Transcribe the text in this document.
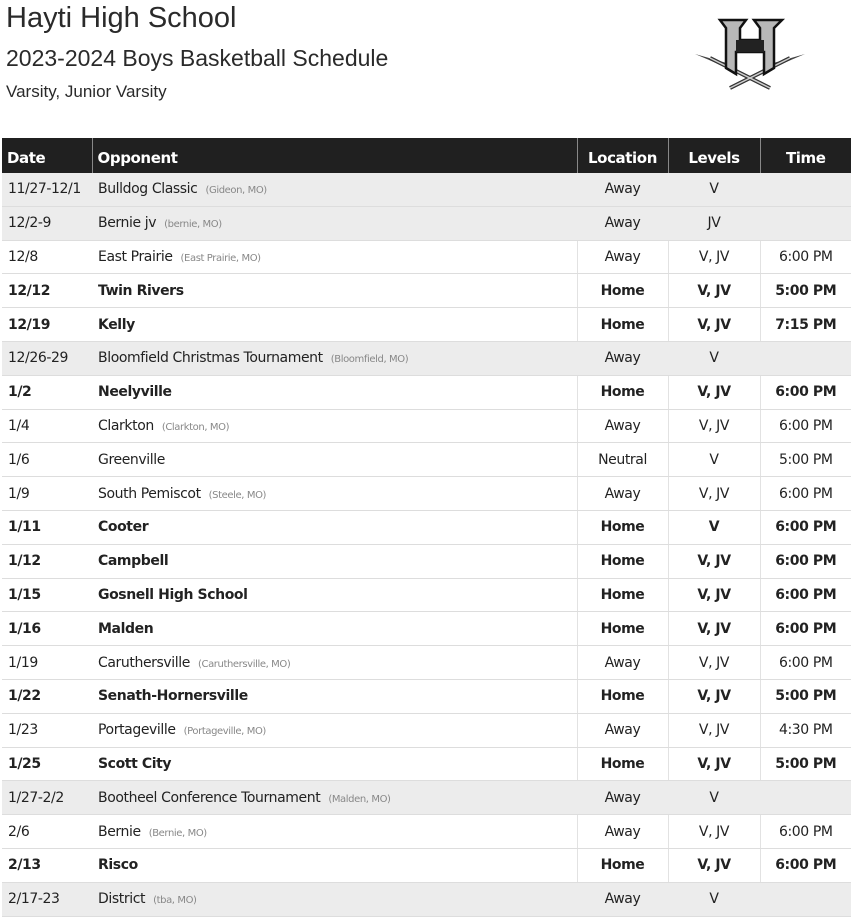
Hayti High School
2023-2024 Boys Basketball Schedule
Varsity, Junior Varsity
Date	Opponent	Location	Levels	Time
11/27-12/1	Bulldog Classic (Gideon, MO)	Away	V	
12/2-9	Bernie jv (bernie, MO)	Away	JV	
12/8	East Prairie (East Prairie, MO)	Away	V, JV	6:00 PM
12/12	Twin Rivers	Home	V, JV	5:00 PM
12/19	Kelly	Home	V, JV	7:15 PM
12/26-29	Bloomfield Christmas Tournament (Bloomfield, MO)	Away	V	
1/2	Neelyville	Home	V, JV	6:00 PM
1/4	Clarkton (Clarkton, MO)	Away	V, JV	6:00 PM
1/6	Greenville	Neutral	V	5:00 PM
1/9	South Pemiscot (Steele, MO)	Away	V, JV	6:00 PM
1/11	Cooter	Home	V	6:00 PM
1/12	Campbell	Home	V, JV	6:00 PM
1/15	Gosnell High School	Home	V, JV	6:00 PM
1/16	Malden	Home	V, JV	6:00 PM
1/19	Caruthersville (Caruthersville, MO)	Away	V, JV	6:00 PM
1/22	Senath-Hornersville	Home	V, JV	5:00 PM
1/23	Portageville (Portageville, MO)	Away	V, JV	4:30 PM
1/25	Scott City	Home	V, JV	5:00 PM
1/27-2/2	Bootheel Conference Tournament (Malden, MO)	Away	V	
2/6	Bernie (Bernie, MO)	Away	V, JV	6:00 PM
2/13	Risco	Home	V, JV	6:00 PM
2/17-23	District (tba, MO)	Away	V	
